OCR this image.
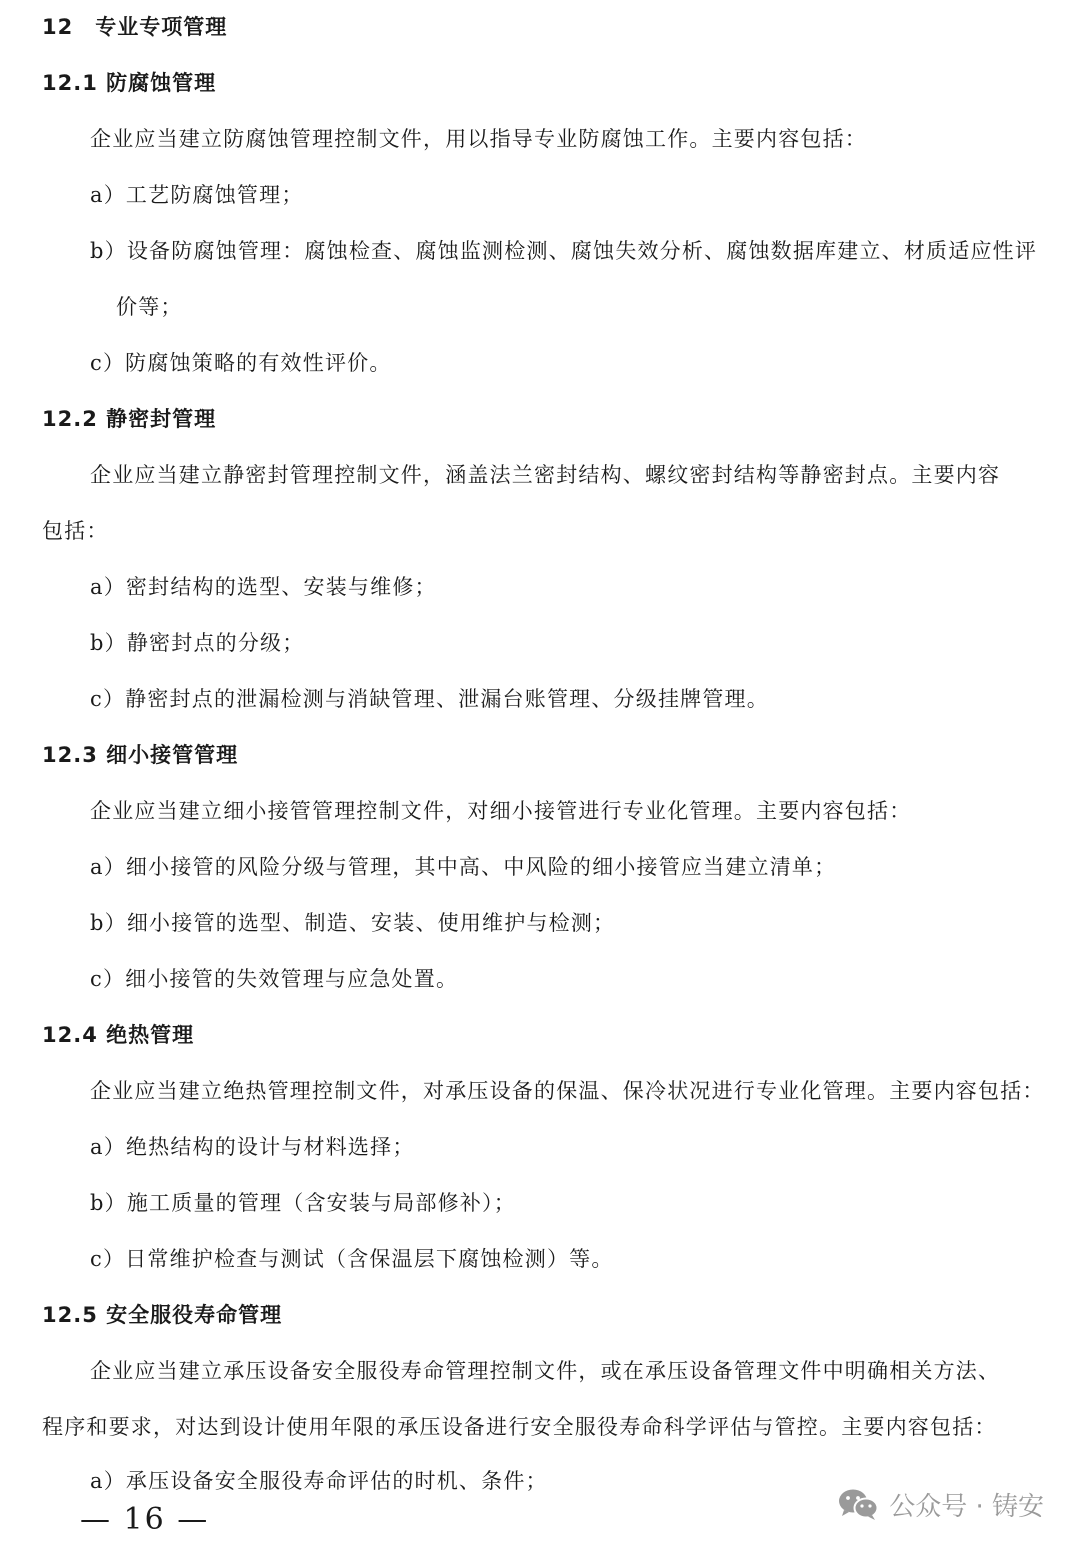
12　专业专项管理

12.1 防腐蚀管理

企业应当建立防腐蚀管理控制文件，用以指导专业防腐蚀工作。主要内容包括：

a）工艺防腐蚀管理；

b）设备防腐蚀管理：腐蚀检查、腐蚀监测检测、腐蚀失效分析、腐蚀数据库建立、材质适应性评

价等；

c）防腐蚀策略的有效性评价。

12.2 静密封管理

企业应当建立静密封管理控制文件，涵盖法兰密封结构、螺纹密封结构等静密封点。主要内容

包括：

a）密封结构的选型、安装与维修；

b）静密封点的分级；

c）静密封点的泄漏检测与消缺管理、泄漏台账管理、分级挂牌管理。

12.3 细小接管管理

企业应当建立细小接管管理控制文件，对细小接管进行专业化管理。主要内容包括：

a）细小接管的风险分级与管理，其中高、中风险的细小接管应当建立清单；

b）细小接管的选型、制造、安装、使用维护与检测；

c）细小接管的失效管理与应急处置。

12.4 绝热管理

企业应当建立绝热管理控制文件，对承压设备的保温、保冷状况进行专业化管理。主要内容包括：

a）绝热结构的设计与材料选择；

b）施工质量的管理（含安装与局部修补）；

c）日常维护检查与测试（含保温层下腐蚀检测）等。

12.5 安全服役寿命管理

企业应当建立承压设备安全服役寿命管理控制文件，或在承压设备管理文件中明确相关方法、

程序和要求，对达到设计使用年限的承压设备进行安全服役寿命科学评估与管控。主要内容包括：

a）承压设备安全服役寿命评估的时机、条件；

— 16 —	公众号 · 铸安
